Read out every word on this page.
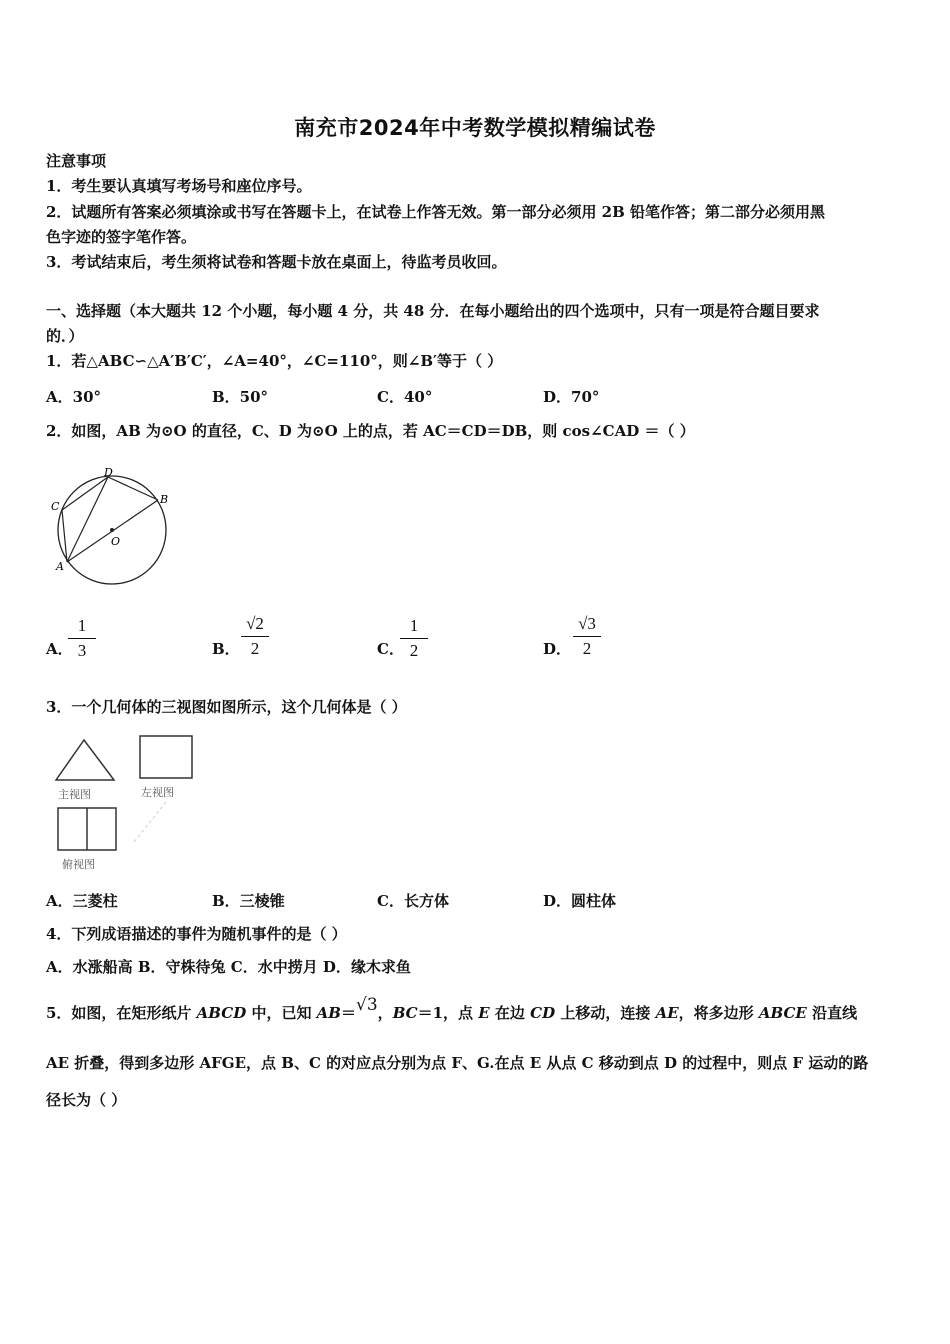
南充市2024年中考数学模拟精编试卷
注意事项
1．考生要认真填写考场号和座位序号。
2．试题所有答案必须填涂或书写在答题卡上，在试卷上作答无效。第一部分必须用 2B 铅笔作答；第二部分必须用黑
色字迹的签字笔作答。
3．考试结束后，考生须将试卷和答题卡放在桌面上，待监考员收回。
一、选择题（本大题共 12 个小题，每小题 4 分，共 48 分．在每小题给出的四个选项中，只有一项是符合题目要求
的．）
1．若△ABC∽△A′B′C′，∠A=40°，∠C=110°，则∠B′等于（ ）
A．30°	B．50°	C．40°	D．70°
2．如图，AB 为⊙O 的直径，C、D 为⊙O 上的点，若 AC＝CD＝DB，则 cos∠CAD ＝（ ）
D
B
C
A
O
A．
1
3	B．
√2
2	C．
1
2	D．
√3
2
3．一个几何体的三视图如图所示，这个几何体是（ ）
主视图	左视图
俯视图
A．三菱柱	B．三棱锥	C．长方体	D．圆柱体
4．下列成语描述的事件为随机事件的是（ ）
A．水涨船高 B．守株待兔 C．水中捞月 D．缘木求鱼
5．如图，在矩形纸片 ABCD 中，已知 AB＝√3，BC＝1，点 E 在边 CD 上移动，连接 AE，将多边形 ABCE 沿直线
AE 折叠，得到多边形 AFGE，点 B、C 的对应点分别为点 F、G.在点 E 从点 C 移动到点 D 的过程中，则点 F 运动的路
径长为（ ）
